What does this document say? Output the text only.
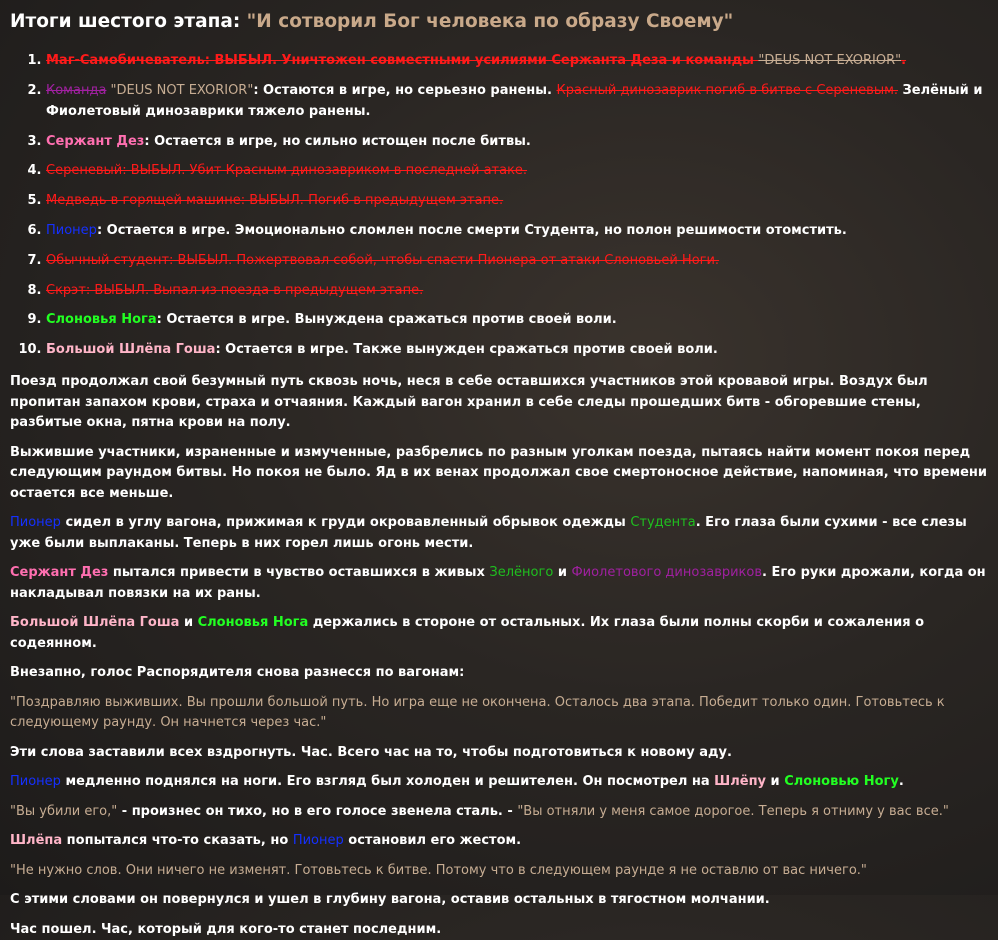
Итоги шестого этапа: "И сотворил Бог человека по образу Своему"
1. Маг-Самобичеватель: ВЫБЫЛ. Уничтожен совместными усилиями Сержанта Деза и команды "DEUS NOT EXORIOR".
2. Команда "DEUS NOT EXORIOR": Остаются в игре, но серьезно ранены. Красный динозаврик погиб в битве с Сереневым. Зелёный и Фиолетовый динозаврики тяжело ранены.
3. Сержант Дез: Остается в игре, но сильно истощен после битвы.
4. Сереневый: ВЫБЫЛ. Убит Красным динозавриком в последней атаке.
5. Медведь в горящей машине: ВЫБЫЛ. Погиб в предыдущем этапе.
6. Пионер: Остается в игре. Эмоционально сломлен после смерти Студента, но полон решимости отомстить.
7. Обычный студент: ВЫБЫЛ. Пожертвовал собой, чтобы спасти Пионера от атаки Слоновьей Ноги.
8. Скрэт: ВЫБЫЛ. Выпал из поезда в предыдущем этапе.
9. Слоновья Нога: Остается в игре. Вынуждена сражаться против своей воли.
10. Большой Шлёпа Гоша: Остается в игре. Также вынужден сражаться против своей воли.

Поезд продолжал свой безумный путь сквозь ночь, неся в себе оставшихся участников этой кровавой игры. Воздух был пропитан запахом крови, страха и отчаяния. Каждый вагон хранил в себе следы прошедших битв - обгоревшие стены, разбитые окна, пятна крови на полу.

Выжившие участники, израненные и измученные, разбрелись по разным уголкам поезда, пытаясь найти момент покоя перед следующим раундом битвы. Но покоя не было. Яд в их венах продолжал свое смертоносное действие, напоминая, что времени остается все меньше.

Пионер сидел в углу вагона, прижимая к груди окровавленный обрывок одежды Студента. Его глаза были сухими - все слезы уже были выплаканы. Теперь в них горел лишь огонь мести.

Сержант Дез пытался привести в чувство оставшихся в живых Зелёного и Фиолетового динозавриков. Его руки дрожали, когда он накладывал повязки на их раны.

Большой Шлёпа Гоша и Слоновья Нога держались в стороне от остальных. Их глаза были полны скорби и сожаления о содеянном.

Внезапно, голос Распорядителя снова разнесся по вагонам:

"Поздравляю выживших. Вы прошли большой путь. Но игра еще не окончена. Осталось два этапа. Победит только один. Готовьтесь к следующему раунду. Он начнется через час."

Эти слова заставили всех вздрогнуть. Час. Всего час на то, чтобы подготовиться к новому аду.

Пионер медленно поднялся на ноги. Его взгляд был холоден и решителен. Он посмотрел на Шлёпу и Слоновью Ногу.

"Вы убили его," - произнес он тихо, но в его голосе звенела сталь. - "Вы отняли у меня самое дорогое. Теперь я отниму у вас все."

Шлёпа попытался что-то сказать, но Пионер остановил его жестом.

"Не нужно слов. Они ничего не изменят. Готовьтесь к битве. Потому что в следующем раунде я не оставлю от вас ничего."

С этими словами он повернулся и ушел в глубину вагона, оставив остальных в тягостном молчании.

Час пошел. Час, который для кого-то станет последним.
